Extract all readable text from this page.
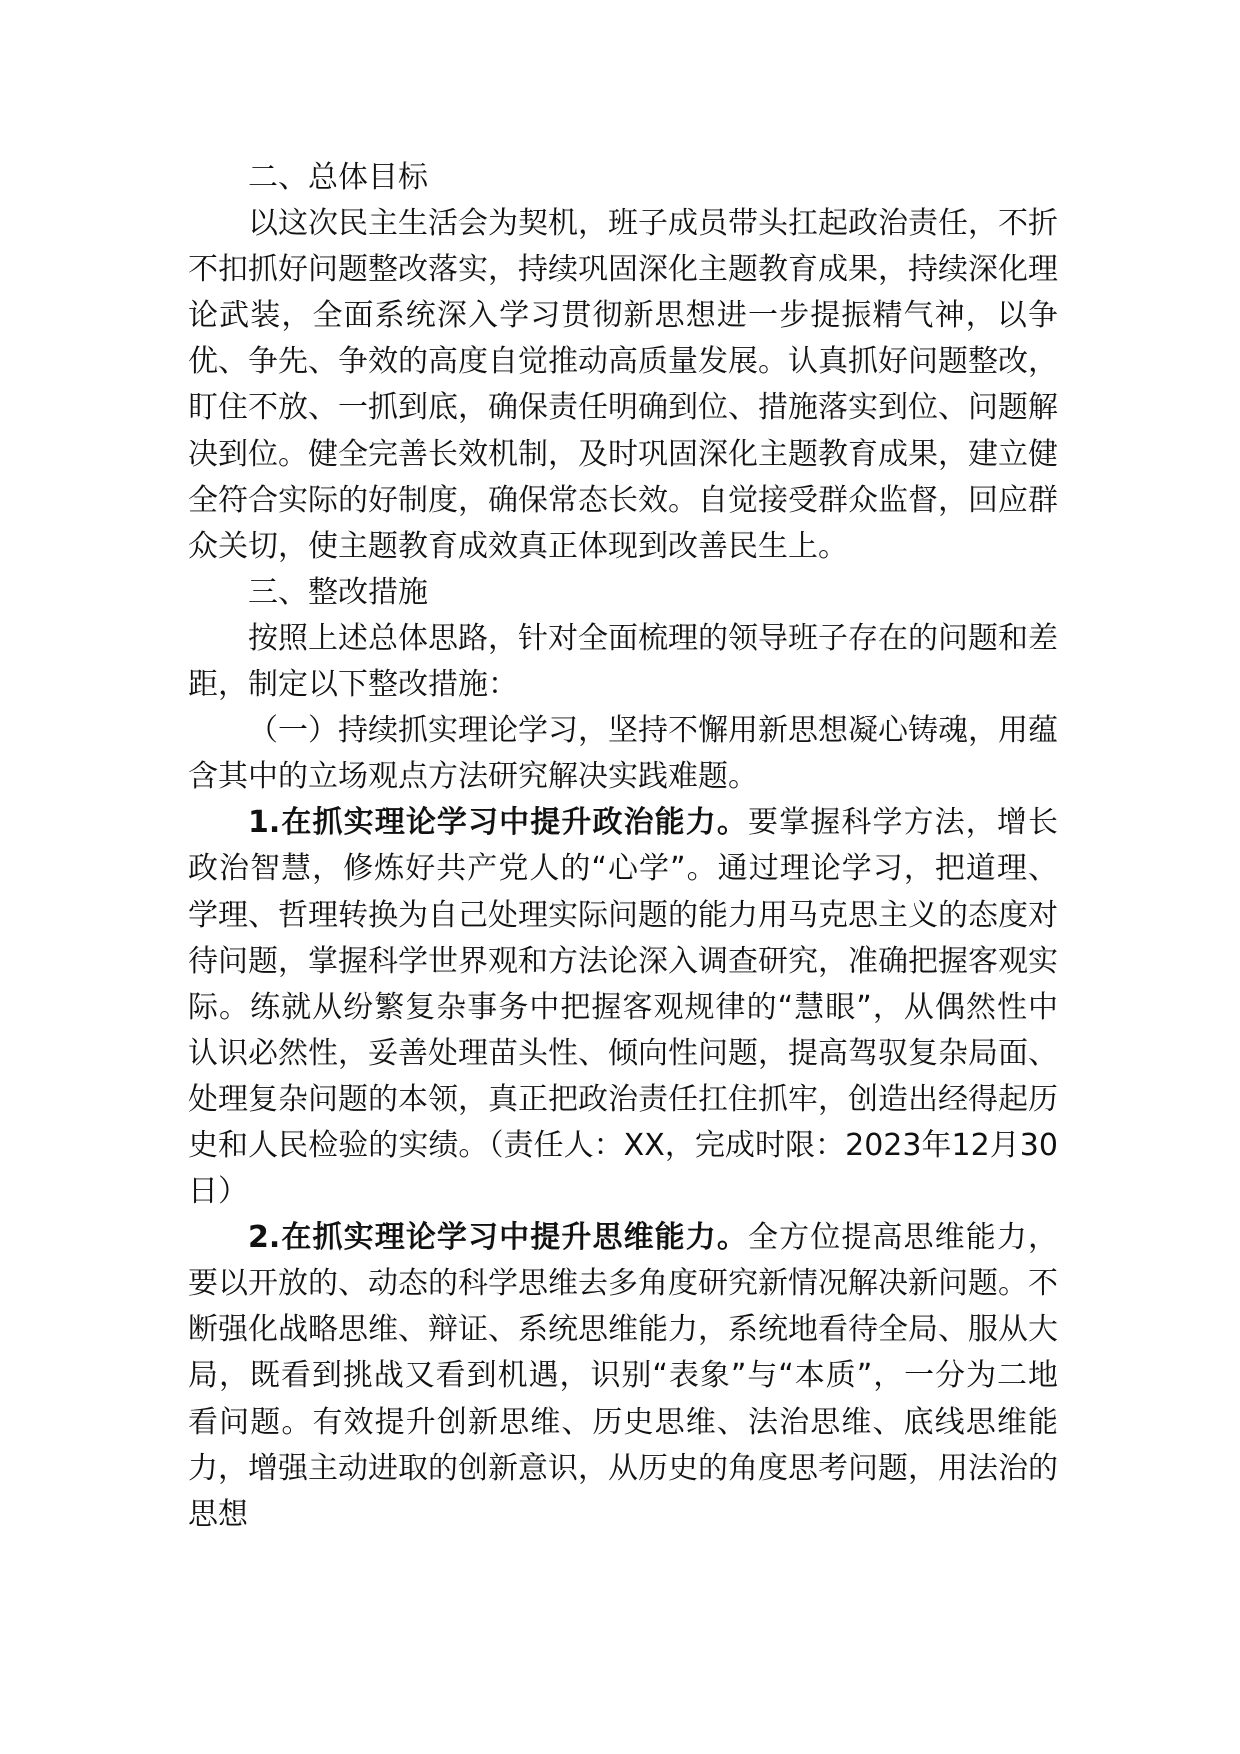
二、总体目标

以这次民主生活会为契机，班子成员带头扛起政治责任，不折不扣抓好问题整改落实，持续巩固深化主题教育成果，持续深化理论武装，全面系统深入学习贯彻新思想进一步提振精气神，以争优、争先、争效的高度自觉推动高质量发展。认真抓好问题整改，盯住不放、一抓到底，确保责任明确到位、措施落实到位、问题解决到位。健全完善长效机制，及时巩固深化主题教育成果，建立健全符合实际的好制度，确保常态长效。自觉接受群众监督，回应群众关切，使主题教育成效真正体现到改善民生上。

三、整改措施

按照上述总体思路，针对全面梳理的领导班子存在的问题和差距，制定以下整改措施：

（一）持续抓实理论学习，坚持不懈用新思想凝心铸魂，用蕴含其中的立场观点方法研究解决实践难题。

1.在抓实理论学习中提升政治能力。要掌握科学方法，增长政治智慧，修炼好共产党人的“心学”。通过理论学习，把道理、学理、哲理转换为自己处理实际问题的能力用马克思主义的态度对待问题，掌握科学世界观和方法论深入调查研究，准确把握客观实际。练就从纷繁复杂事务中把握客观规律的“慧眼”，从偶然性中认识必然性，妥善处理苗头性、倾向性问题，提高驾驭复杂局面、处理复杂问题的本领，真正把政治责任扛住抓牢，创造出经得起历史和人民检验的实绩。（责任人：XX，完成时限：2023年12月30日）

2.在抓实理论学习中提升思维能力。全方位提高思维能力，要以开放的、动态的科学思维去多角度研究新情况解决新问题。不断强化战略思维、辩证、系统思维能力，系统地看待全局、服从大局，既看到挑战又看到机遇，识别“表象”与“本质”，一分为二地看问题。有效提升创新思维、历史思维、法治思维、底线思维能力，增强主动进取的创新意识，从历史的角度思考问题，用法治的思想
